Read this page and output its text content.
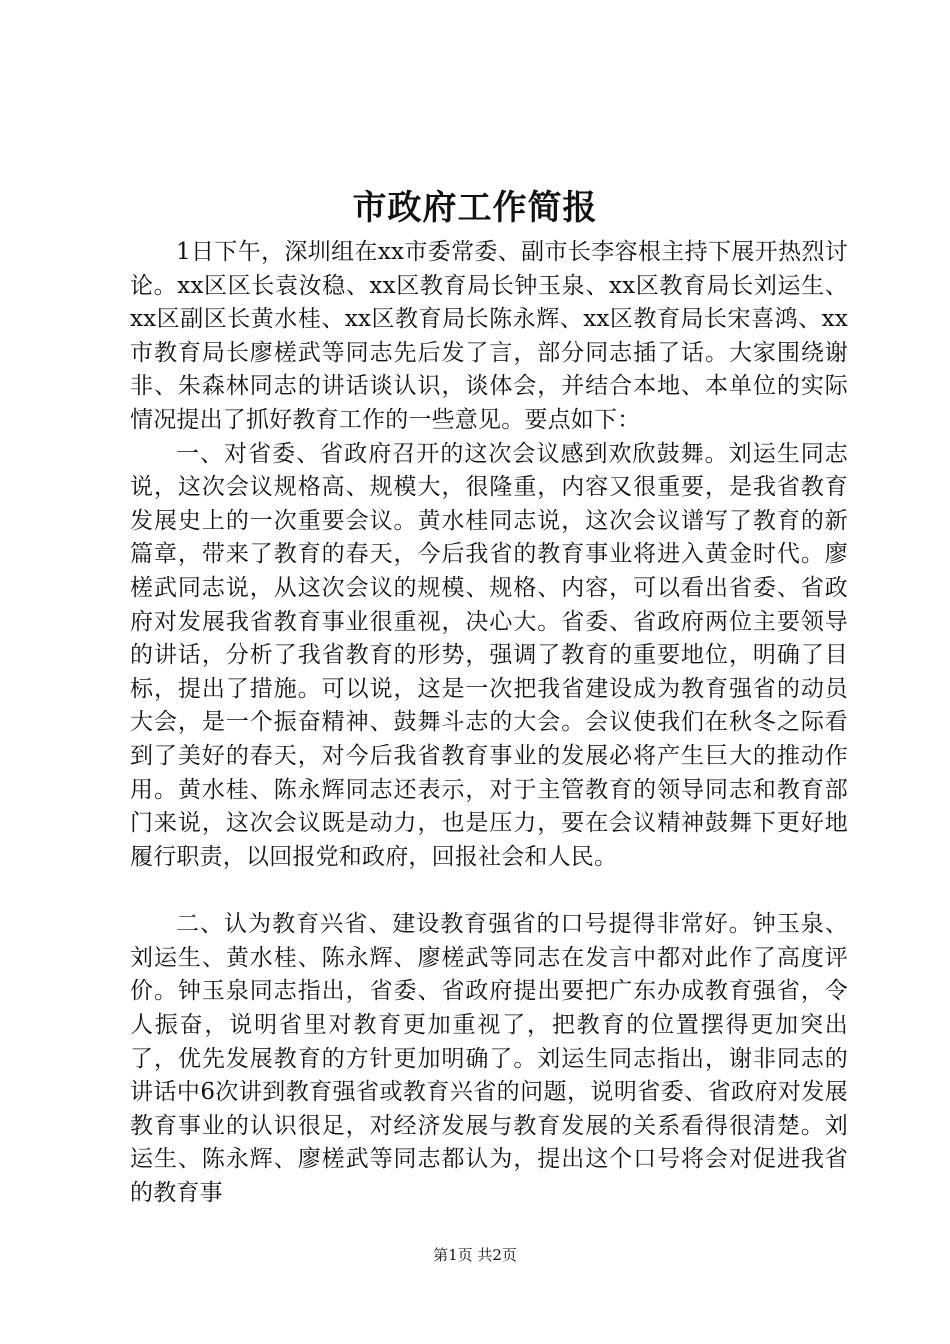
市政府工作简报

1日下午，深圳组在xx市委常委、副市长李容根主持下展开热烈讨论。xx区区长袁汝稳、xx区教育局长钟玉泉、xx区教育局长刘运生、xx区副区长黄水桂、xx区教育局长陈永辉、xx区教育局长宋喜鸿、xx市教育局长廖槎武等同志先后发了言，部分同志插了话。大家围绕谢非、朱森林同志的讲话谈认识，谈体会，并结合本地、本单位的实际情况提出了抓好教育工作的一些意见。要点如下：

一、对省委、省政府召开的这次会议感到欢欣鼓舞。刘运生同志说，这次会议规格高、规模大，很隆重，内容又很重要，是我省教育发展史上的一次重要会议。黄水桂同志说，这次会议谱写了教育的新篇章，带来了教育的春天，今后我省的教育事业将进入黄金时代。廖槎武同志说，从这次会议的规模、规格、内容，可以看出省委、省政府对发展我省教育事业很重视，决心大。省委、省政府两位主要领导的讲话，分析了我省教育的形势，强调了教育的重要地位，明确了目标，提出了措施。可以说，这是一次把我省建设成为教育强省的动员大会，是一个振奋精神、鼓舞斗志的大会。会议使我们在秋冬之际看到了美好的春天，对今后我省教育事业的发展必将产生巨大的推动作用。黄水桂、陈永辉同志还表示，对于主管教育的领导同志和教育部门来说，这次会议既是动力，也是压力，要在会议精神鼓舞下更好地履行职责，以回报党和政府，回报社会和人民。

二、认为教育兴省、建设教育强省的口号提得非常好。钟玉泉、刘运生、黄水桂、陈永辉、廖槎武等同志在发言中都对此作了高度评价。钟玉泉同志指出，省委、省政府提出要把广东办成教育强省，令人振奋，说明省里对教育更加重视了，把教育的位置摆得更加突出了，优先发展教育的方针更加明确了。刘运生同志指出，谢非同志的讲话中6次讲到教育强省或教育兴省的问题，说明省委、省政府对发展教育事业的认识很足，对经济发展与教育发展的关系看得很清楚。刘运生、陈永辉、廖槎武等同志都认为，提出这个口号将会对促进我省的教育事

第1页 共2页
